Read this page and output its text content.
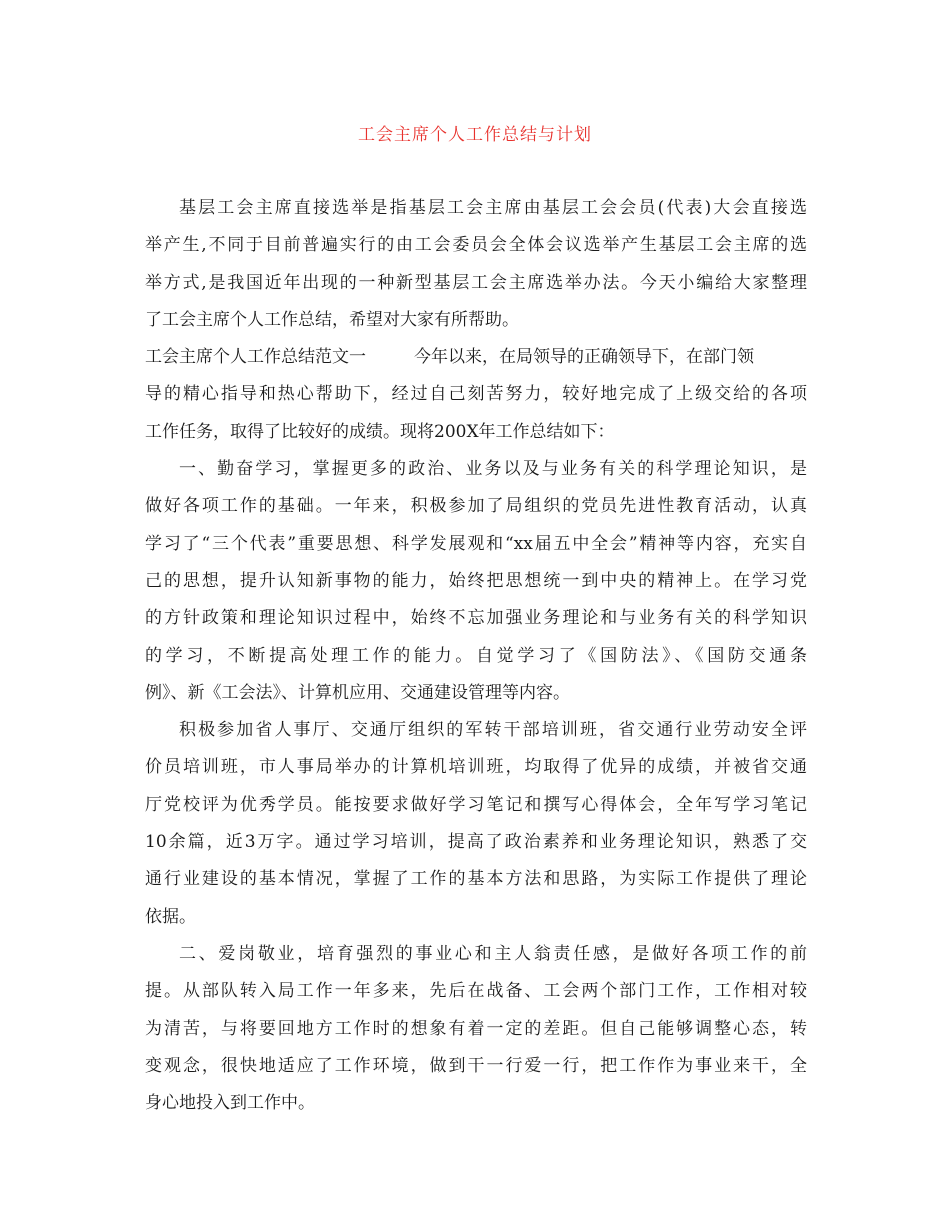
工会主席个人工作总结与计划
基层工会主席直接选举是指基层工会主席由基层工会会员(代表)大会直接选
举产生,不同于目前普遍实行的由工会委员会全体会议选举产生基层工会主席的选
举方式,是我国近年出现的一种新型基层工会主席选举办法。今天小编给大家整理
了工会主席个人工作总结，希望对大家有所帮助。
工会主席个人工作总结范文一	今年以来，在局领导的正确领导下，在部门领
导的精心指导和热心帮助下，经过自己刻苦努力，较好地完成了上级交给的各项
工作任务，取得了比较好的成绩。现将200X年工作总结如下：
一、勤奋学习，掌握更多的政治、业务以及与业务有关的科学理论知识，是
做好各项工作的基础。一年来，积极参加了局组织的党员先进性教育活动，认真
学习了“三个代表”重要思想、科学发展观和“xx届五中全会”精神等内容，充实自
己的思想，提升认知新事物的能力，始终把思想统一到中央的精神上。在学习党
的方针政策和理论知识过程中，始终不忘加强业务理论和与业务有关的科学知识
的学习，不断提高处理工作的能力。自觉学习了《国防法》、《国防交通条
例》、新《工会法》、计算机应用、交通建设管理等内容。
积极参加省人事厅、交通厅组织的军转干部培训班，省交通行业劳动安全评
价员培训班，市人事局举办的计算机培训班，均取得了优异的成绩，并被省交通
厅党校评为优秀学员。能按要求做好学习笔记和撰写心得体会，全年写学习笔记
10余篇，近3万字。通过学习培训，提高了政治素养和业务理论知识，熟悉了交
通行业建设的基本情况，掌握了工作的基本方法和思路，为实际工作提供了理论
依据。
二、爱岗敬业，培育强烈的事业心和主人翁责任感，是做好各项工作的前
提。从部队转入局工作一年多来，先后在战备、工会两个部门工作，工作相对较
为清苦，与将要回地方工作时的想象有着一定的差距。但自己能够调整心态，转
变观念，很快地适应了工作环境，做到干一行爱一行，把工作作为事业来干，全
身心地投入到工作中。
